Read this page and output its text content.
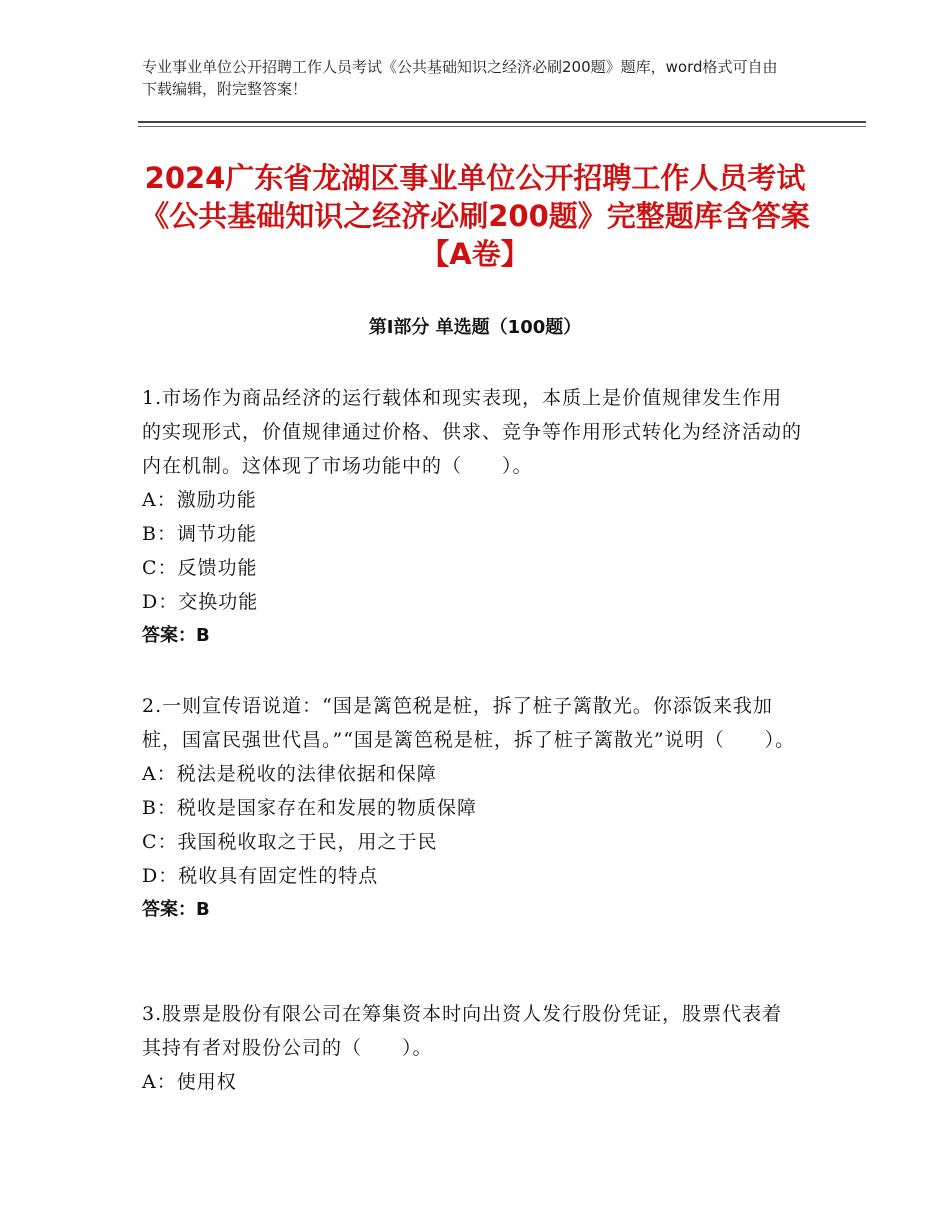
专业事业单位公开招聘工作人员考试《公共基础知识之经济必刷200题》题库，word格式可自由下载编辑，附完整答案！
2024广东省龙湖区事业单位公开招聘工作人员考试《公共基础知识之经济必刷200题》完整题库含答案【A卷】
第I部分 单选题（100题）

1.市场作为商品经济的运行载体和现实表现，本质上是价值规律发生作用的实现形式，价值规律通过价格、供求、竞争等作用形式转化为经济活动的内在机制。这体现了市场功能中的（　　）。

A：激励功能

B：调节功能

C：反馈功能

D：交换功能

答案：B

2.一则宣传语说道：“国是篱笆税是桩，拆了桩子篱散光。你添饭来我加桩，国富民强世代昌。”“国是篱笆税是桩，拆了桩子篱散光”说明（　　）。

A：税法是税收的法律依据和保障

B：税收是国家存在和发展的物质保障

C：我国税收取之于民，用之于民

D：税收具有固定性的特点

答案：B

3.股票是股份有限公司在筹集资本时向出资人发行股份凭证，股票代表着其持有者对股份公司的（　　）。

A：使用权
